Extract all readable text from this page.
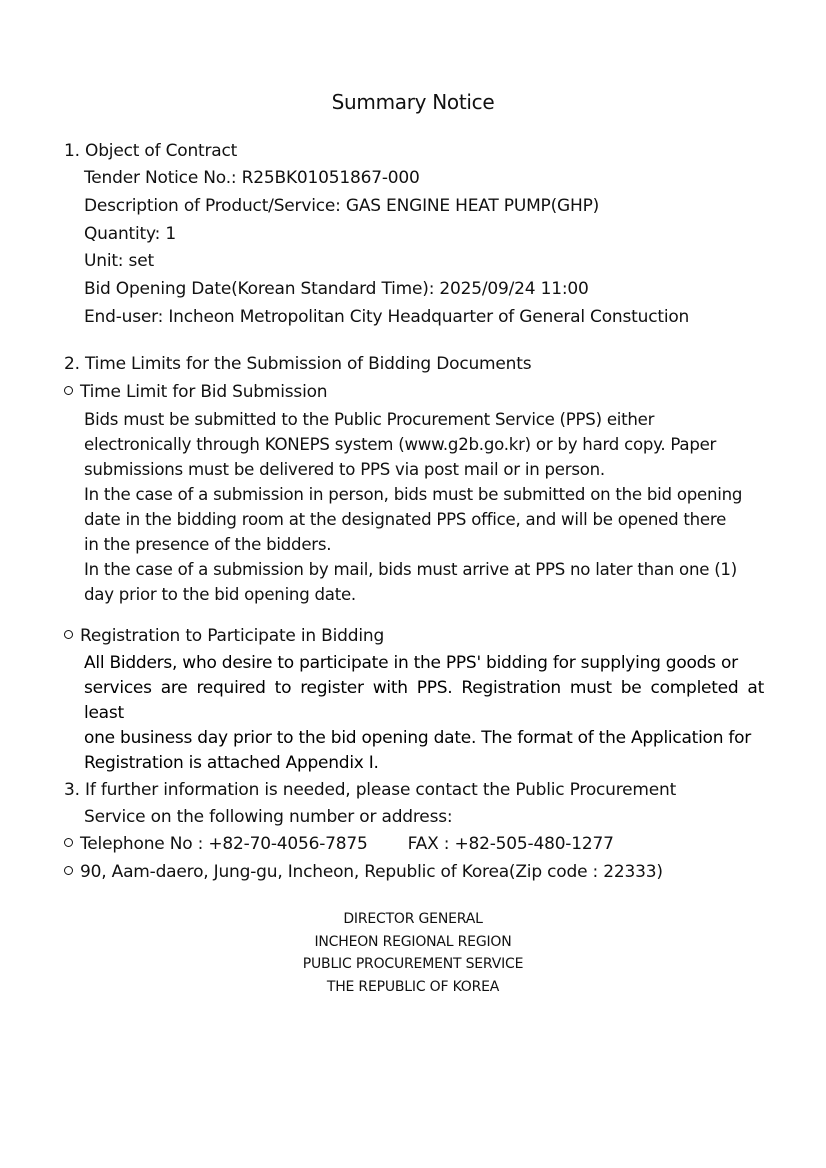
Summary Notice
1. Object of Contract
Tender Notice No.: R25BK01051867-000
Description of Product/Service: GAS ENGINE HEAT PUMP(GHP)
Quantity: 1
Unit: set
Bid Opening Date(Korean Standard Time): 2025/09/24 11:00
End-user: Incheon Metropolitan City Headquarter of General Constuction
2. Time Limits for the Submission of Bidding Documents
Time Limit for Bid Submission
Bids must be submitted to the Public Procurement Service (PPS) either
electronically through KONEPS system (www.g2b.go.kr) or by hard copy. Paper
submissions must be delivered to PPS via post mail or in person.
In the case of a submission in person, bids must be submitted on the bid opening
date in the bidding room at the designated PPS office, and will be opened there
in the presence of the bidders.
In the case of a submission by mail, bids must arrive at PPS no later than one (1)
day prior to the bid opening date.
Registration to Participate in Bidding
All Bidders, who desire to participate in the PPS' bidding for supplying goods or
services are required to register with PPS. Registration must be completed at least
one business day prior to the bid opening date. The format of the Application for
Registration is attached Appendix Ⅰ.
3. If further information is needed, please contact the Public Procurement
Service on the following number or address:
Telephone No : +82-70-4056-7875 FAX : +82-505-480-1277
90, Aam-daero, Jung-gu, Incheon, Republic of Korea(Zip code : 22333)
DIRECTOR GENERAL
INCHEON REGIONAL REGION
PUBLIC PROCUREMENT SERVICE
THE REPUBLIC OF KOREA
